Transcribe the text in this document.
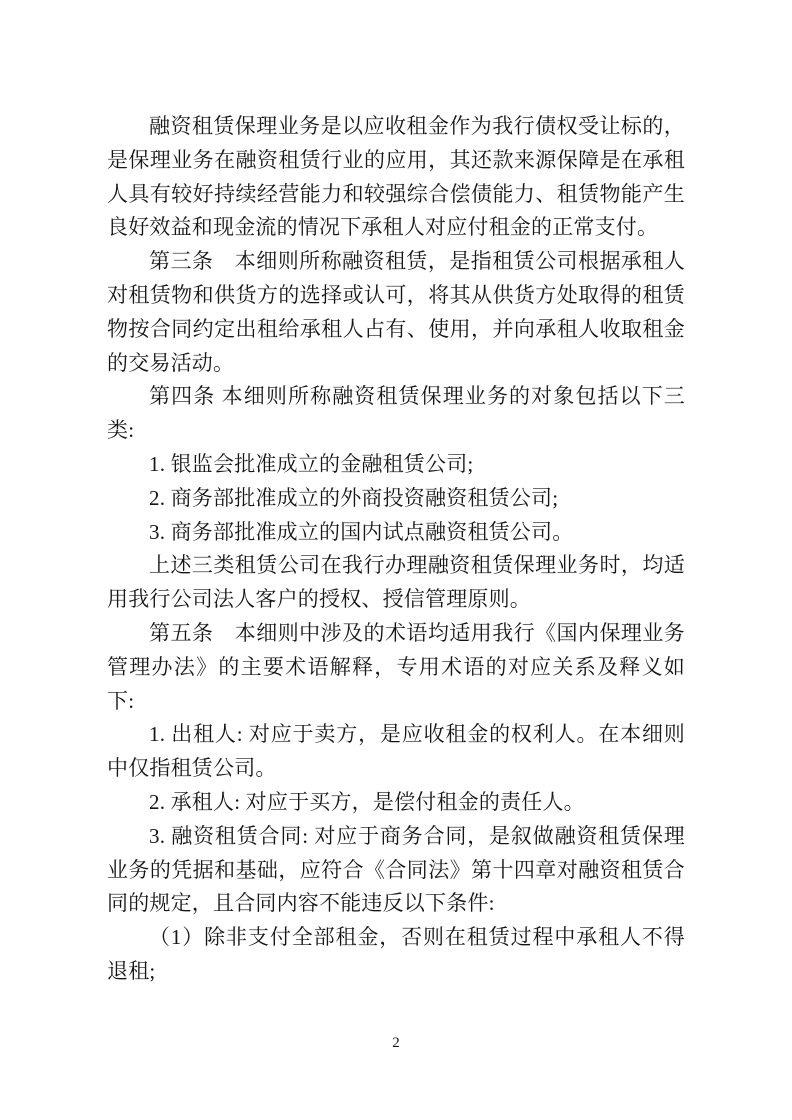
融资租赁保理业务是以应收租金作为我行债权受让标的，是保理业务在融资租赁行业的应用，其还款来源保障是在承租人具有较好持续经营能力和较强综合偿债能力、租赁物能产生良好效益和现金流的情况下承租人对应付租金的正常支付。

第三条　本细则所称融资租赁，是指租赁公司根据承租人对租赁物和供货方的选择或认可，将其从供货方处取得的租赁物按合同约定出租给承租人占有、使用，并向承租人收取租金的交易活动。

第四条 本细则所称融资租赁保理业务的对象包括以下三类:

1. 银监会批准成立的金融租赁公司;

2. 商务部批准成立的外商投资融资租赁公司;

3. 商务部批准成立的国内试点融资租赁公司。

上述三类租赁公司在我行办理融资租赁保理业务时，均适用我行公司法人客户的授权、授信管理原则。

第五条　本细则中涉及的术语均适用我行《国内保理业务管理办法》的主要术语解释，专用术语的对应关系及释义如下:

1. 出租人: 对应于卖方，是应收租金的权利人。在本细则中仅指租赁公司。

2. 承租人: 对应于买方，是偿付租金的责任人。

3. 融资租赁合同: 对应于商务合同，是叙做融资租赁保理业务的凭据和基础，应符合《合同法》第十四章对融资租赁合同的规定，且合同内容不能违反以下条件:

（1）除非支付全部租金，否则在租赁过程中承租人不得退租;

2
